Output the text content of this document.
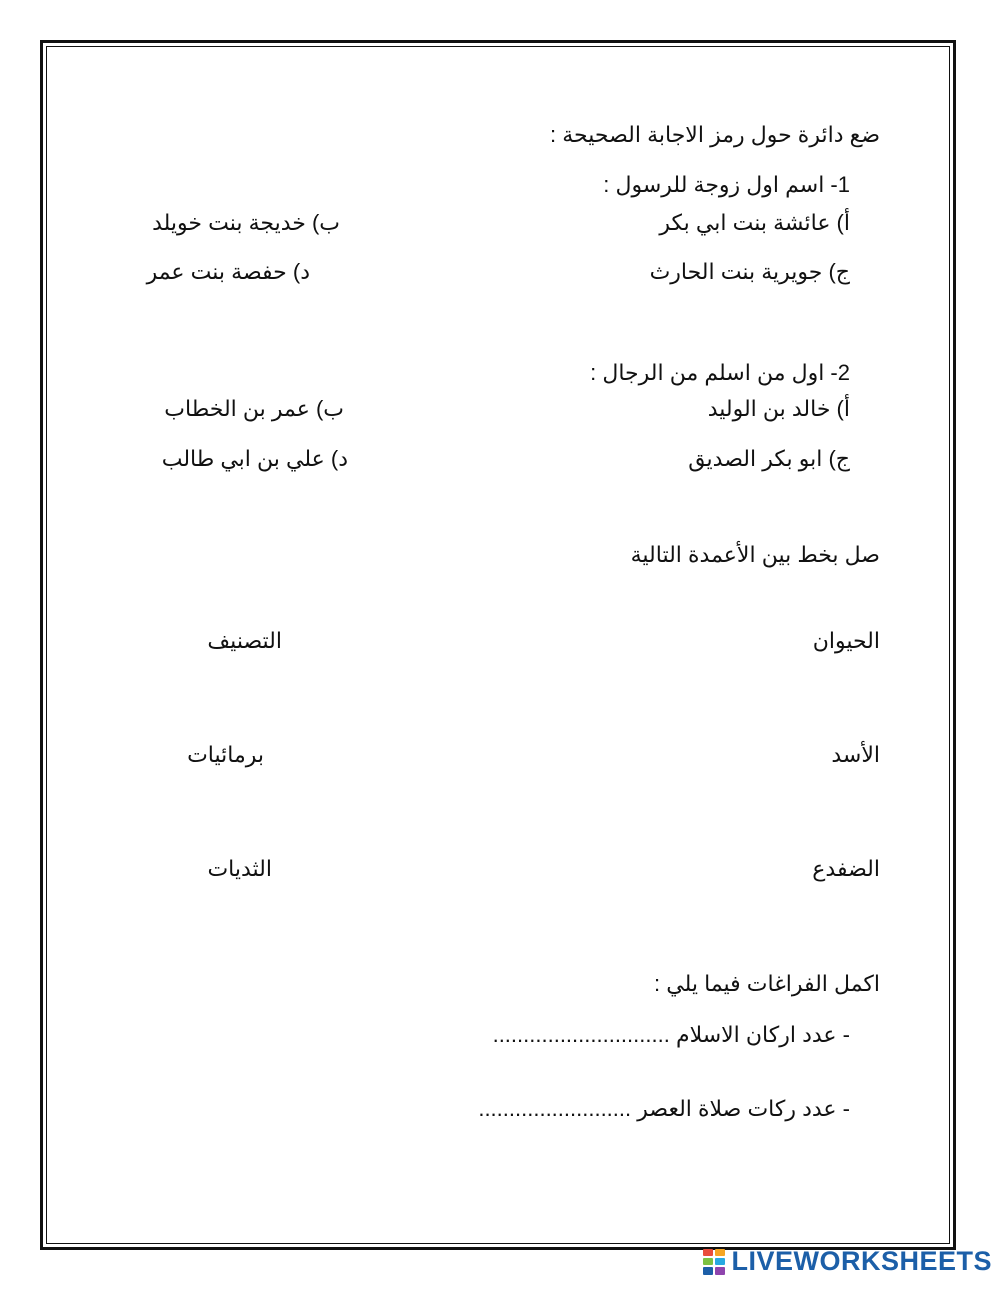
ضع دائرة حول رمز الاجابة الصحيحة :
1- اسم اول زوجة للرسول :
أ) عائشة بنت ابي بكر
ب) خديجة بنت خويلد
ج) جويرية بنت الحارث
د) حفصة بنت عمر
2- اول من اسلم من الرجال :
أ) خالد بن الوليد
ب) عمر بن الخطاب
ج) ابو بكر الصديق
د) علي بن ابي طالب
صل بخط بين الأعمدة التالية
الحيوان
التصنيف
الأسد
برمائيات
الضفدع
الثديات
اكمل الفراغات فيما يلي :
- عدد اركان الاسلام .............................
- عدد ركات صلاة العصر .........................
LIVEWORKSHEETS
